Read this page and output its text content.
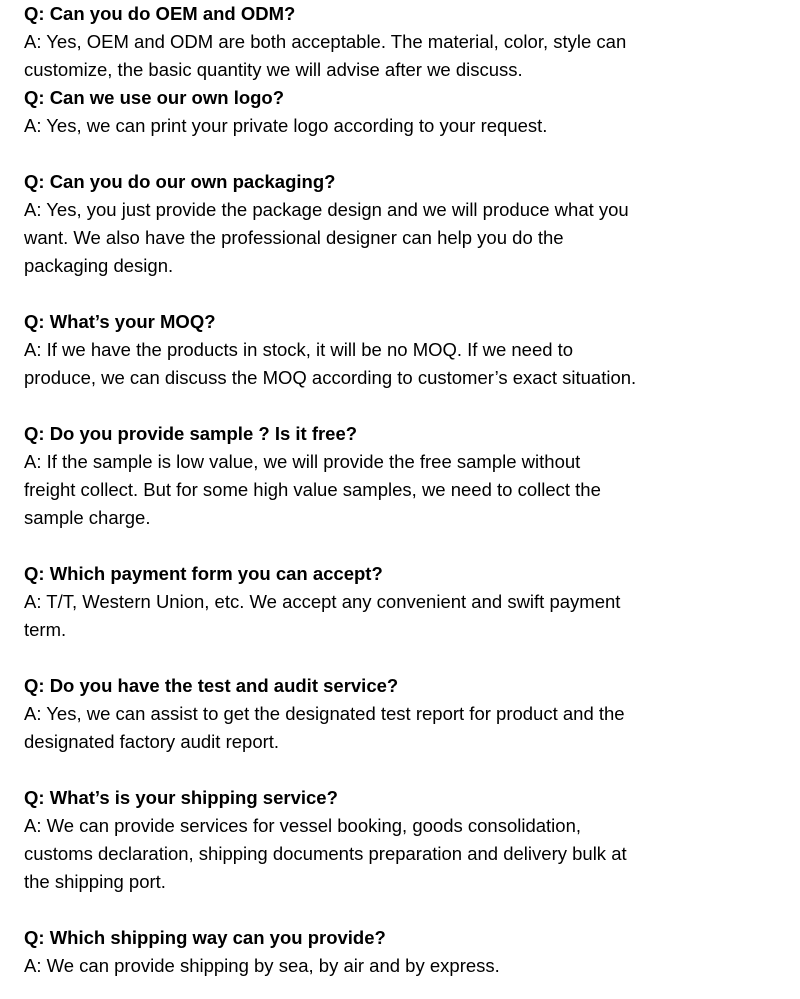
Q: Can you do OEM and ODM?

A: Yes, OEM and ODM are both acceptable. The material, color, style can
customize, the basic quantity we will advise after we discuss.

Q: Can we use our own logo?

A: Yes, we can print your private logo according to your request.

Q: Can you do our own packaging?

A: Yes, you just provide the package design and we will produce what you
want. We also have the professional designer can help you do the
packaging design.

Q: What’s your MOQ?

A: If we have the products in stock, it will be no MOQ. If we need to
produce, we can discuss the MOQ according to customer’s exact situation.

Q: Do you provide sample ? Is it free?

A: If the sample is low value, we will provide the free sample without
freight collect. But for some high value samples, we need to collect the
sample charge.

Q: Which payment form you can accept?

A: T/T, Western Union, etc. We accept any convenient and swift payment
term.

Q: Do you have the test and audit service?

A: Yes, we can assist to get the designated test report for product and the
designated factory audit report.

Q: What’s is your shipping service?

A: We can provide services for vessel booking, goods consolidation,
customs declaration, shipping documents preparation and delivery bulk at
the shipping port.

Q: Which shipping way can you provide?

A: We can provide shipping by sea, by air and by express.
